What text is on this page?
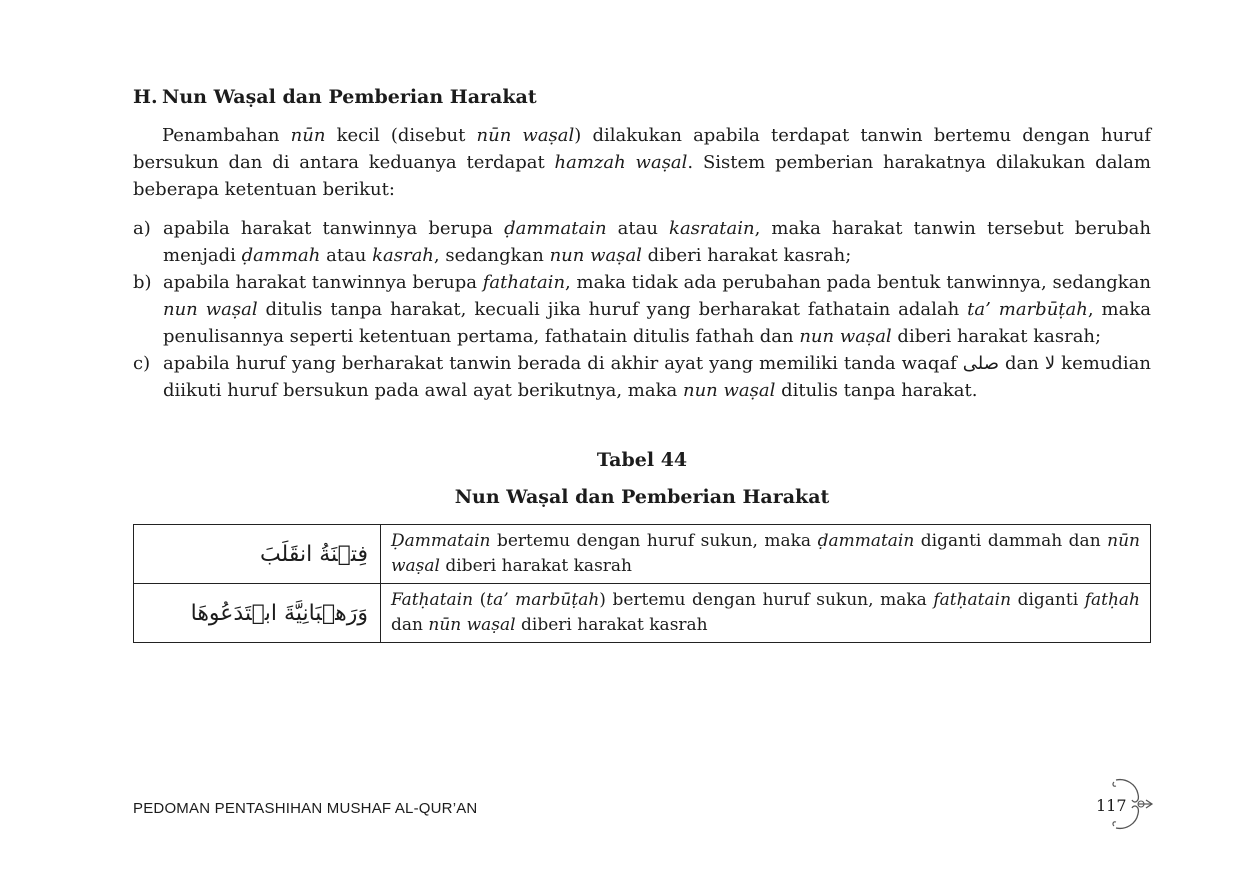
H. Nun Waṣal dan Pemberian Harakat

Penambahan nūn kecil (disebut nūn waṣal) dilakukan apabila terdapat tanwin bertemu dengan huruf bersukun dan di antara keduanya terdapat hamzah waṣal. Sistem pemberian harakatnya dilakukan dalam beberapa ketentuan berikut:

a) apabila harakat tanwinnya berupa ḍammatain atau kasratain, maka harakat tanwin tersebut berubah menjadi ḍammah atau kasrah, sedangkan nun waṣal diberi harakat kasrah;
b) apabila harakat tanwinnya berupa fathatain, maka tidak ada perubahan pada bentuk tanwinnya, sedangkan nun waṣal ditulis tanpa harakat, kecuali jika huruf yang berharakat fathatain adalah ta’ marbūṭah, maka penulisannya seperti ketentuan pertama, fathatain ditulis fathah dan nun waṣal diberi harakat kasrah;
c) apabila huruf yang berharakat tanwin berada di akhir ayat yang memiliki tanda waqaf صلى dan لا kemudian diikuti huruf bersukun pada awal ayat berikutnya, maka nun waṣal ditulis tanpa harakat.
Tabel 44
Nun Waṣal dan Pemberian Harakat
فِتۡنَةُ انقَلَبَ	Ḍammatain bertemu dengan huruf sukun, maka ḍammatain diganti dammah dan nūn waṣal diberi harakat kasrah
وَرَهۡبَانِيَّةَ ابۡتَدَعُوهَا	Fatḥatain (ta’ marbūṭah) bertemu dengan huruf sukun, maka fatḥatain diganti fatḥah dan nūn waṣal diberi harakat kasrah
PEDOMAN PENTASHIHAN MUSHAF AL-QUR’AN	117
